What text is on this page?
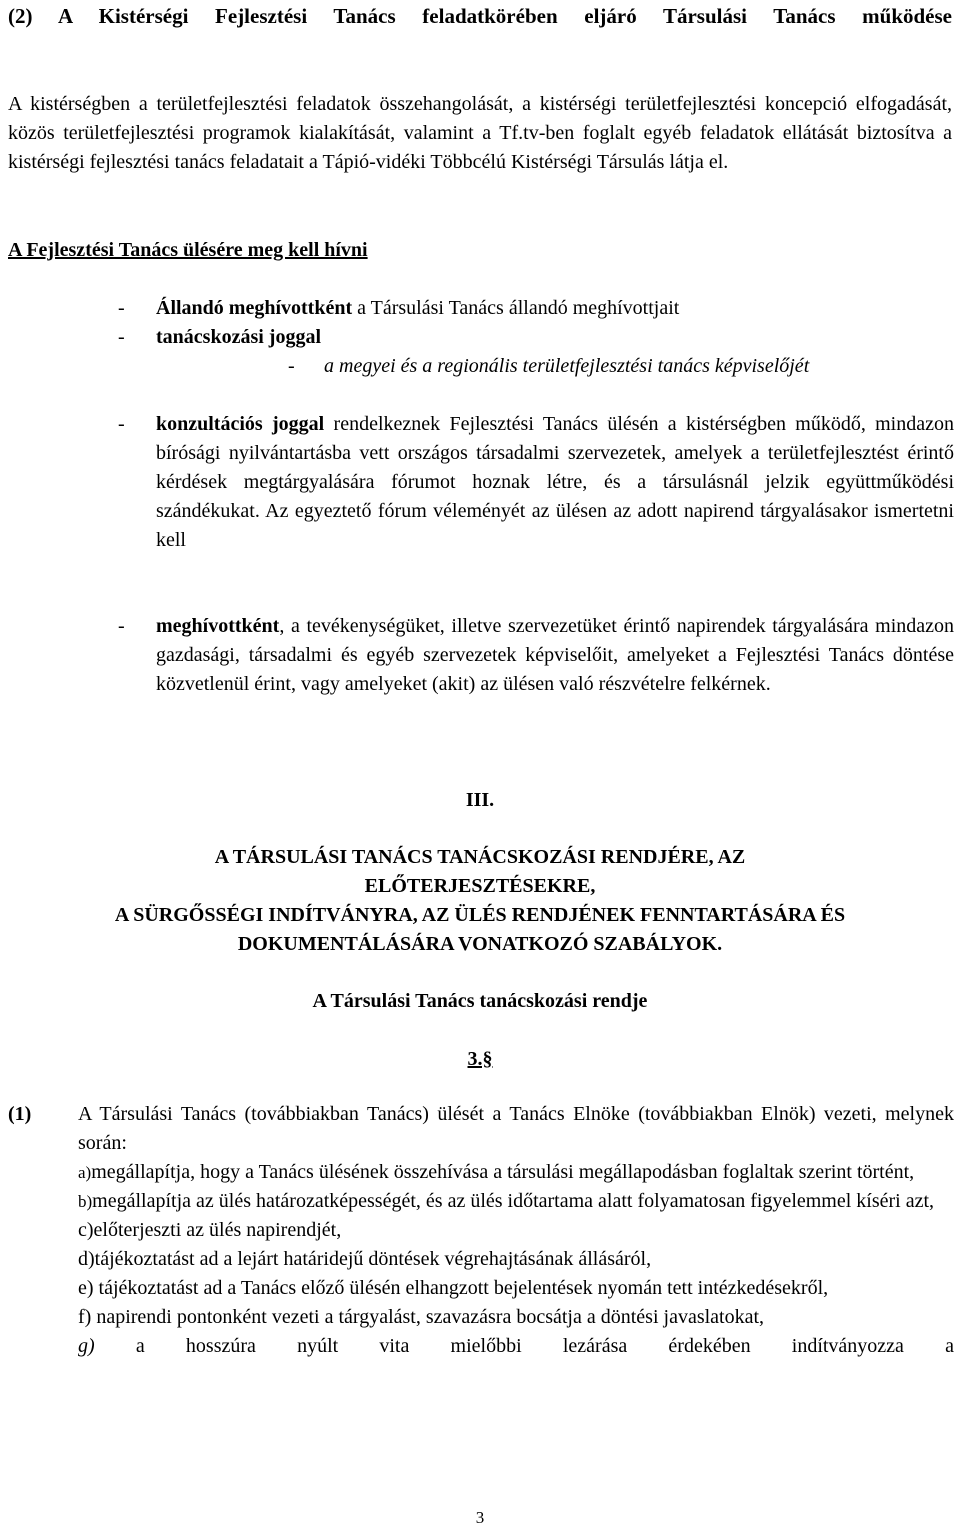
(2) A Kistérségi Fejlesztési Tanács feladatkörében eljáró Társulási Tanács működése
A kistérségben a területfejlesztési feladatok összehangolását, a kistérségi területfejlesztési koncepció elfogadását, közös területfejlesztési programok kialakítását, valamint a Tf.tv-ben foglalt egyéb feladatok ellátását biztosítva a kistérségi fejlesztési tanács feladatait a Tápió-vidéki Többcélú Kistérségi Társulás látja el.
A Fejlesztési Tanács ülésére meg kell hívni
- Állandó meghívottként a Társulási Tanács állandó meghívottjait
- tanácskozási joggal
- a megyei és a regionális területfejlesztési tanács képviselőjét
- konzultációs joggal rendelkeznek Fejlesztési Tanács ülésén a kistérségben működő, mindazon bírósági nyilvántartásba vett országos társadalmi szervezetek, amelyek a területfejlesztést érintő kérdések megtárgyalására fórumot hoznak létre, és a társulásnál jelzik együttműködési szándékukat. Az egyeztető fórum véleményét az ülésen az adott napirend tárgyalásakor ismertetni kell
- meghívottként, a tevékenységüket, illetve szervezetüket érintő napirendek tárgyalására mindazon gazdasági, társadalmi és egyéb szervezetek képviselőit, amelyeket a Fejlesztési Tanács döntése közvetlenül érint, vagy amelyeket (akit) az ülésen való részvételre felkérnek.
III.
A TÁRSULÁSI TANÁCS TANÁCSKOZÁSI RENDJÉRE, AZ
ELŐTERJESZTÉSEKRE,
A SÜRGŐSSÉGI INDÍTVÁNYRA, AZ ÜLÉS RENDJÉNEK FENNTARTÁSÁRA ÉS
DOKUMENTÁLÁSÁRA VONATKOZÓ SZABÁLYOK.
A Társulási Tanács tanácskozási rendje
3.§
(1) A Társulási Tanács (továbbiakban Tanács) ülését a Tanács Elnöke (továbbiakban Elnök) vezeti, melynek során:
a)megállapítja, hogy a Tanács ülésének összehívása a társulási megállapodásban foglaltak szerint történt,
b)megállapítja az ülés határozatképességét, és az ülés időtartama alatt folyamatosan figyelemmel kíséri azt,
c)előterjeszti az ülés napirendjét,
d)tájékoztatást ad a lejárt határidejű döntések végrehajtásának állásáról,
e) tájékoztatást ad a Tanács előző ülésén elhangzott bejelentések nyomán tett intézkedésekről,
f) napirendi pontonként vezeti a tárgyalást, szavazásra bocsátja a döntési javaslatokat,
g) a hosszúra nyúlt vita mielőbbi lezárása érdekében indítványozza a
3
